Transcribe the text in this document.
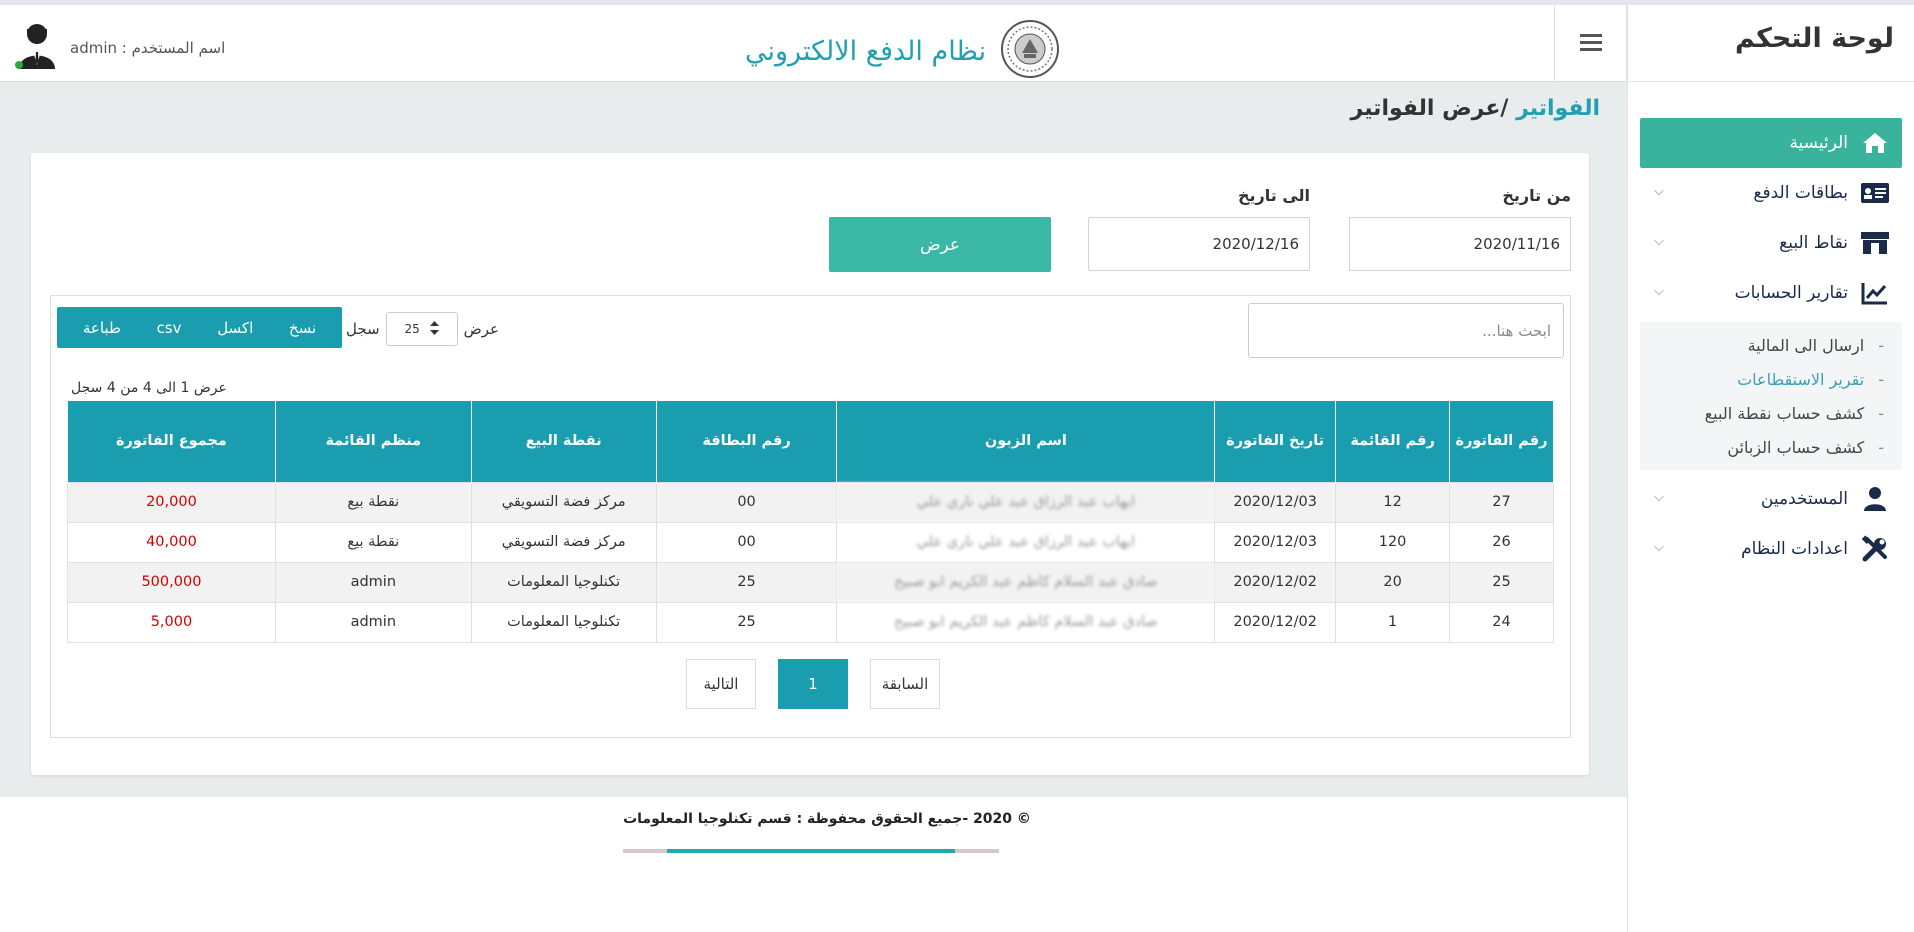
لوحة التحكم
الرئيسية
بطاقات الدفع
⌵
نقاط البيع
⌵
تقارير الحسابات
⌵
-
ارسال الى المالية
-
تقرير الاستقطاعات
-
كشف حساب نقطة البيع
-
كشف حساب الزبائن
المستخدمين
⌵
اعدادات النظام
⌵
نظام الدفع الالكتروني
اسم المستخدم : admin
الفواتير /عرض الفواتير
من تاريخ
2020/11/16
الى تاريخ
2020/12/16
عرض
ابحث هنا...
عرض
25
سجل
نسخ
اكسل
csv
طباعة
عرض 1 الى 4 من 4 سجل
رقم الفاتورة	رقم القائمة	تاريخ الفاتورة	اسم الزبون	رقم البطاقة	نقطة البيع	منظم القائمة	مجموع الفاتورة
27	12	2020/12/03	ايهاب عبد الرزاق عبد علي ناري علي	00	مركز فضة التسويقي	نقطة بيع	20,000
26	120	2020/12/03	ايهاب عبد الرزاق عبد علي ناري علي	00	مركز فضة التسويقي	نقطة بيع	40,000
25	20	2020/12/02	صادق عبد السلام كاظم عبد الكريم ابو صبيح	25	تكنلوجيا المعلومات	admin	500,000
24	1	2020/12/02	صادق عبد السلام كاظم عبد الكريم ابو صبيح	25	تكنلوجيا المعلومات	admin	5,000
التالية	1	السابقة
© 2020 -جميع الحقوق محفوظة : قسم تكنلوجيا المعلومات
